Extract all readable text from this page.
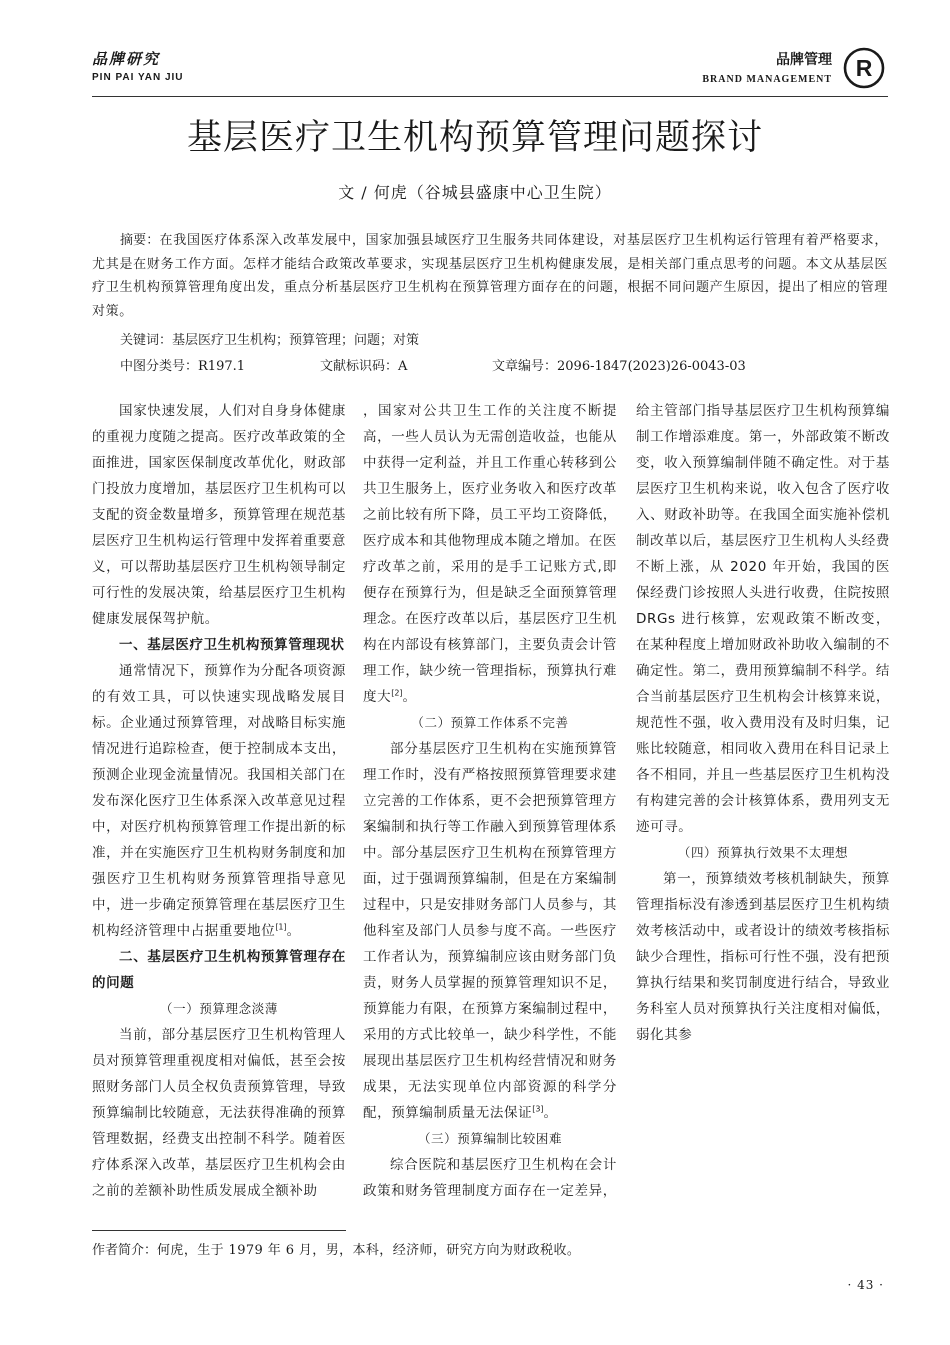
品牌研究
PIN PAI YAN JIU
品牌管理
BRAND MANAGEMENT R
基层医疗卫生机构预算管理问题探讨
文 / 何虎（谷城县盛康中心卫生院）
摘要：在我国医疗体系深入改革发展中，国家加强县域医疗卫生服务共同体建设，对基层医疗卫生机构运行管理有着严格要求，尤其是在财务工作方面。怎样才能结合政策改革要求，实现基层医疗卫生机构健康发展，是相关部门重点思考的问题。本文从基层医疗卫生机构预算管理角度出发，重点分析基层医疗卫生机构在预算管理方面存在的问题，根据不同问题产生原因，提出了相应的管理对策。
关键词：基层医疗卫生机构；预算管理；问题；对策
中图分类号：R197.1	文献标识码：A	文章编号：2096-1847(2023)26-0043-03

国家快速发展，人们对自身身体健康的重视力度随之提高。医疗改革政策的全面推进，国家医保制度改革优化，财政部门投放力度增加，基层医疗卫生机构可以支配的资金数量增多，预算管理在规范基层医疗卫生机构运行管理中发挥着重要意义，可以帮助基层医疗卫生机构领导制定可行性的发展决策，给基层医疗卫生机构健康发展保驾护航。

一、基层医疗卫生机构预算管理现状

通常情况下，预算作为分配各项资源的有效工具，可以快速实现战略发展目标。企业通过预算管理，对战略目标实施情况进行追踪检查，便于控制成本支出，预测企业现金流量情况。我国相关部门在发布深化医疗卫生体系深入改革意见过程中，对医疗机构预算管理工作提出新的标准，并在实施医疗卫生机构财务制度和加强医疗卫生机构财务预算管理指导意见中，进一步确定预算管理在基层医疗卫生机构经济管理中占据重要地位[1]。

二、基层医疗卫生机构预算管理存在的问题

（一）预算理念淡薄

当前，部分基层医疗卫生机构管理人员对预算管理重视度相对偏低，甚至会按照财务部门人员全权负责预算管理，导致预算编制比较随意，无法获得准确的预算管理数据，经费支出控制不科学。随着医疗体系深入改革，基层医疗卫生机构会由之前的差额补助性质发展成全额补助

，国家对公共卫生工作的关注度不断提高，一些人员认为无需创造收益，也能从中获得一定利益，并且工作重心转移到公共卫生服务上，医疗业务收入和医疗改革之前比较有所下降，员工平均工资降低，医疗成本和其他物理成本随之增加。在医疗改革之前，采用的是手工记账方式,即便存在预算行为，但是缺乏全面预算管理理念。在医疗改革以后，基层医疗卫生机构在内部设有核算部门，主要负责会计管理工作，缺少统一管理指标，预算执行难度大[2]。

（二）预算工作体系不完善

部分基层医疗卫生机构在实施预算管理工作时，没有严格按照预算管理要求建立完善的工作体系，更不会把预算管理方案编制和执行等工作融入到预算管理体系中。部分基层医疗卫生机构在预算管理方面，过于强调预算编制，但是在方案编制过程中，只是安排财务部门人员参与，其他科室及部门人员参与度不高。一些医疗工作者认为，预算编制应该由财务部门负责，财务人员掌握的预算管理知识不足，预算能力有限，在预算方案编制过程中，采用的方式比较单一，缺少科学性，不能展现出基层医疗卫生机构经营情况和财务成果，无法实现单位内部资源的科学分配，预算编制质量无法保证[3]。

（三）预算编制比较困难

综合医院和基层医疗卫生机构在会计政策和财务管理制度方面存在一定差异，

给主管部门指导基层医疗卫生机构预算编制工作增添难度。第一，外部政策不断改变，收入预算编制伴随不确定性。对于基层医疗卫生机构来说，收入包含了医疗收入、财政补助等。在我国全面实施补偿机制改革以后，基层医疗卫生机构人头经费不断上涨，从 2020 年开始，我国的医保经费门诊按照人头进行收费，住院按照 DRGs 进行核算，宏观政策不断改变，在某种程度上增加财政补助收入编制的不确定性。第二，费用预算编制不科学。结合当前基层医疗卫生机构会计核算来说，规范性不强，收入费用没有及时归集，记账比较随意，相同收入费用在科目记录上各不相同，并且一些基层医疗卫生机构没有构建完善的会计核算体系，费用列支无迹可寻。

（四）预算执行效果不太理想

第一，预算绩效考核机制缺失，预算管理指标没有渗透到基层医疗卫生机构绩效考核活动中，或者设计的绩效考核指标缺少合理性，指标可行性不强，没有把预算执行结果和奖罚制度进行结合，导致业务科室人员对预算执行关注度相对偏低，弱化其参

作者简介：何虎，生于 1979 年 6 月，男，本科，经济师，研究方向为财政税收。
· 43 ·
